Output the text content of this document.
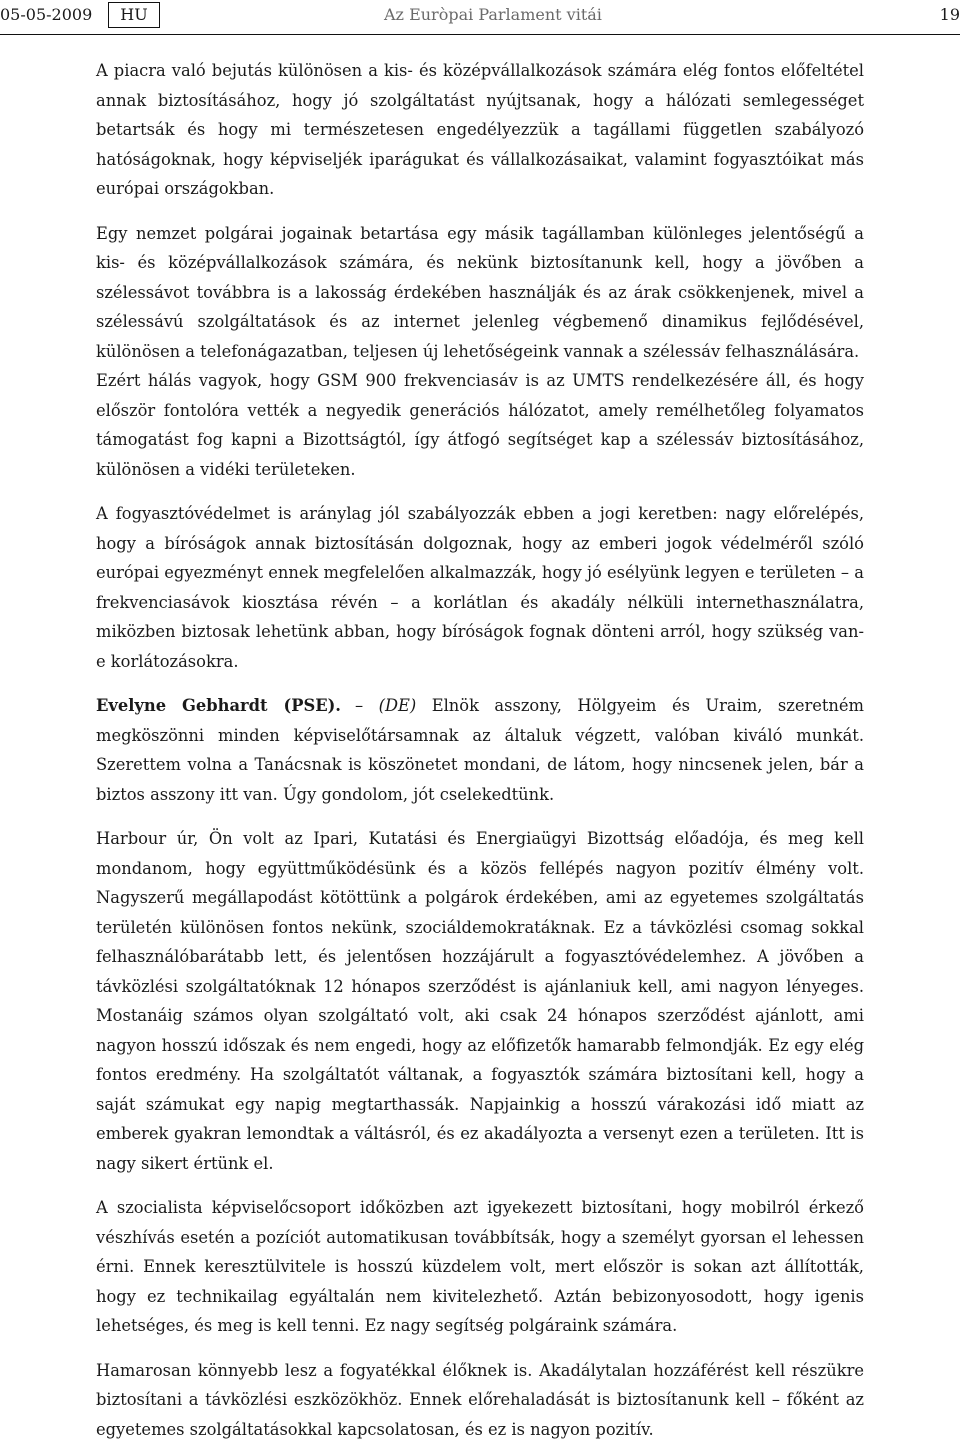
05-05-2009	HU	Az Euròpai Parlament vitái	19

A piacra való bejutás különösen a kis- és középvállalkozások számára elég fontos előfeltétel annak biztosításához, hogy jó szolgáltatást nyújtsanak, hogy a hálózati semlegességet betartsák és hogy mi természetesen engedélyezzük a tagállami független szabályozó hatóságoknak, hogy képviseljék iparágukat és vállalkozásaikat, valamint fogyasztóikat más európai országokban.

Egy nemzet polgárai jogainak betartása egy másik tagállamban különleges jelentőségű a kis- és középvállalkozások számára, és nekünk biztosítanunk kell, hogy a jövőben a szélessávot továbbra is a lakosság érdekében használják és az árak csökkenjenek, mivel a szélessávú szolgáltatások és az internet jelenleg végbemenő dinamikus fejlődésével, különösen a telefonágazatban, teljesen új lehetőségeink vannak a szélessáv felhasználására.

Ezért hálás vagyok, hogy GSM 900 frekvenciasáv is az UMTS rendelkezésére áll, és hogy először fontolóra vették a negyedik generációs hálózatot, amely remélhetőleg folyamatos támogatást fog kapni a Bizottságtól, így átfogó segítséget kap a szélessáv biztosításához, különösen a vidéki területeken.

A fogyasztóvédelmet is aránylag jól szabályozzák ebben a jogi keretben: nagy előrelépés, hogy a bíróságok annak biztosításán dolgoznak, hogy az emberi jogok védelméről szóló európai egyezményt ennek megfelelően alkalmazzák, hogy jó esélyünk legyen e területen – a frekvenciasávok kiosztása révén – a korlátlan és akadály nélküli internethasználatra, miközben biztosak lehetünk abban, hogy bíróságok fognak dönteni arról, hogy szükség van-e korlátozásokra.

Evelyne Gebhardt (PSE). – (DE) Elnök asszony, Hölgyeim és Uraim, szeretném megköszönni minden képviselőtársamnak az általuk végzett, valóban kiváló munkát. Szerettem volna a Tanácsnak is köszönetet mondani, de látom, hogy nincsenek jelen, bár a biztos asszony itt van. Úgy gondolom, jót cselekedtünk.

Harbour úr, Ön volt az Ipari, Kutatási és Energiaügyi Bizottság előadója, és meg kell mondanom, hogy együttműködésünk és a közös fellépés nagyon pozitív élmény volt. Nagyszerű megállapodást kötöttünk a polgárok érdekében, ami az egyetemes szolgáltatás területén különösen fontos nekünk, szociáldemokratáknak. Ez a távközlési csomag sokkal felhasználóbarátabb lett, és jelentősen hozzájárult a fogyasztóvédelemhez. A jövőben a távközlési szolgáltatóknak 12 hónapos szerződést is ajánlaniuk kell, ami nagyon lényeges. Mostanáig számos olyan szolgáltató volt, aki csak 24 hónapos szerződést ajánlott, ami nagyon hosszú időszak és nem engedi, hogy az előfizetők hamarabb felmondják. Ez egy elég fontos eredmény. Ha szolgáltatót váltanak, a fogyasztók számára biztosítani kell, hogy a saját számukat egy napig megtarthassák. Napjainkig a hosszú várakozási idő miatt az emberek gyakran lemondtak a váltásról, és ez akadályozta a versenyt ezen a területen. Itt is nagy sikert értünk el.

A szocialista képviselőcsoport időközben azt igyekezett biztosítani, hogy mobilról érkező vészhívás esetén a pozíciót automatikusan továbbítsák, hogy a személyt gyorsan el lehessen érni. Ennek keresztülvitele is hosszú küzdelem volt, mert először is sokan azt állították, hogy ez technikailag egyáltalán nem kivitelezhető. Aztán bebizonyosodott, hogy igenis lehetséges, és meg is kell tenni. Ez nagy segítség polgáraink számára.

Hamarosan könnyebb lesz a fogyatékkal élőknek is. Akadálytalan hozzáférést kell részükre biztosítani a távközlési eszközökhöz. Ennek előrehaladását is biztosítanunk kell – főként az egyetemes szolgáltatásokkal kapcsolatosan, és ez is nagyon pozitív.
